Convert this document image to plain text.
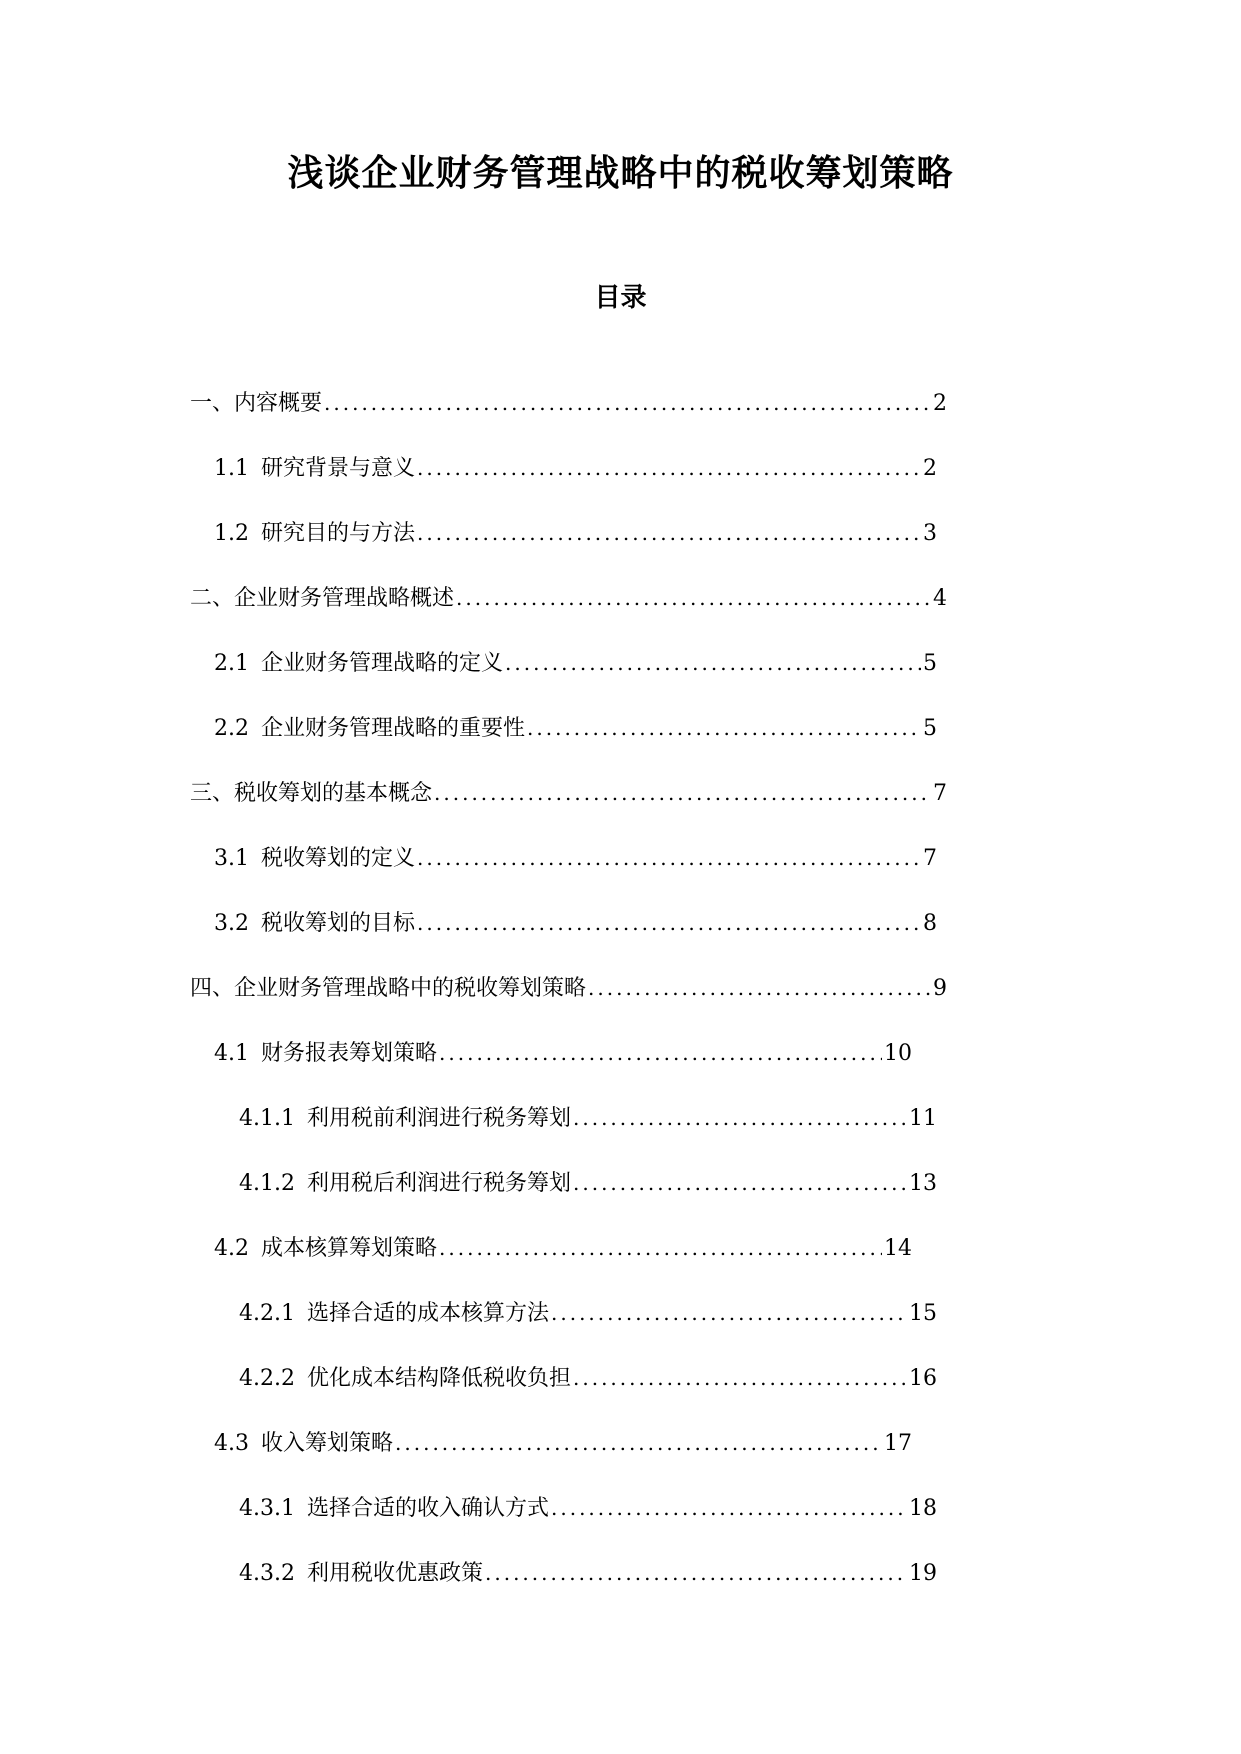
浅谈企业财务管理战略中的税收筹划策略
目录
一、内容概要 .....	2
1.1 研究背景与意义 .....	2
1.2 研究目的与方法 .....	3
二、企业财务管理战略概述 .....	4
2.1 企业财务管理战略的定义 .....	5
2.2 企业财务管理战略的重要性 .....	5
三、税收筹划的基本概念 .....	7
3.1 税收筹划的定义 .....	7
3.2 税收筹划的目标 .....	8
四、企业财务管理战略中的税收筹划策略 .....	9
4.1 财务报表筹划策略 .....	10
4.1.1 利用税前利润进行税务筹划 .....	11
4.1.2 利用税后利润进行税务筹划 .....	13
4.2 成本核算筹划策略 .....	14
4.2.1 选择合适的成本核算方法 .....	15
4.2.2 优化成本结构降低税收负担 .....	16
4.3 收入筹划策略 .....	17
4.3.1 选择合适的收入确认方式 .....	18
4.3.2 利用税收优惠政策 .....	19
